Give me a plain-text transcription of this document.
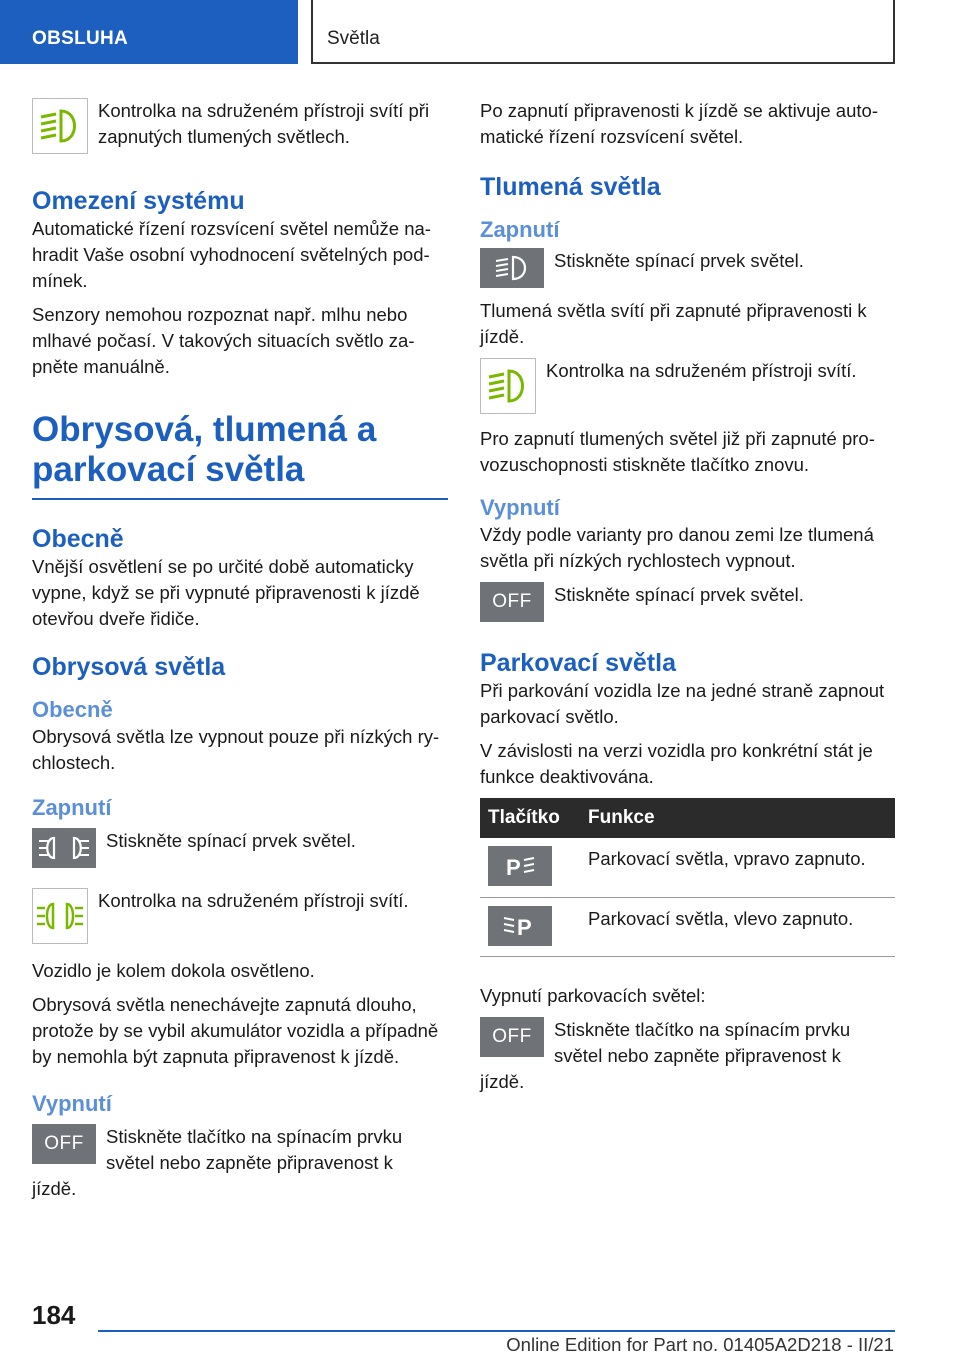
OBSLUHA	Světla
Kontrolka na sdruženém přístroji svítí při zapnutých tlumených světlech.
Omezení systému

Automatické řízení rozsvícení světel nemůže nahradit Vaše osobní vyhodnocení světelných podmínek.

Senzory nemohou rozpoznat např. mlhu nebo mlhavé počasí. V takových situacích světlo zapněte manuálně.

Obrysová, tlumená a parkovací světla
Obecně

Vnější osvětlení se po určité době automaticky vypne, když se při vypnuté připravenosti k jízdě otevřou dveře řidiče.

Obrysová světla
Obecně

Obrysová světla lze vypnout pouze při nízkých rychlostech.

Zapnutí
Stiskněte spínací prvek světel.
Kontrolka na sdruženém přístroji svítí.

Vozidlo je kolem dokola osvětleno.

Obrysová světla nenechávejte zapnutá dlouho, protože by se vybil akumulátor vozidla a případně by nemohla být zapnuta připravenost k jízdě.

Vypnutí
OFF	Stiskněte tlačítko na spínacím prvku světel nebo zapněte připravenost k

jízdě.

Po zapnutí připravenosti k jízdě se aktivuje automatické řízení rozsvícení světel.

Tlumená světla
Zapnutí
Stiskněte spínací prvek světel.

Tlumená světla svítí při zapnuté připravenosti k jízdě.

Kontrolka na sdruženém přístroji svítí.

Pro zapnutí tlumených světel již při zapnuté provozuschopnosti stiskněte tlačítko znovu.

Vypnutí

Vždy podle varianty pro danou zemi lze tlumená světla při nízkých rychlostech vypnout.

OFF	Stiskněte spínací prvek světel.
Parkovací světla

Při parkování vozidla lze na jedné straně zapnout parkovací světlo.

V závislosti na verzi vozidla pro konkrétní stát je funkce deaktivována.

Tlačítko	Funkce

P	Parkovací světla, vpravo zapnuto.

P	Parkovací světla, vlevo zapnuto.

Vypnutí parkovacích světel:

OFF	Stiskněte tlačítko na spínacím prvku světel nebo zapněte připravenost k

jízdě.

184
Online Edition for Part no. 01405A2D218 - II/21
